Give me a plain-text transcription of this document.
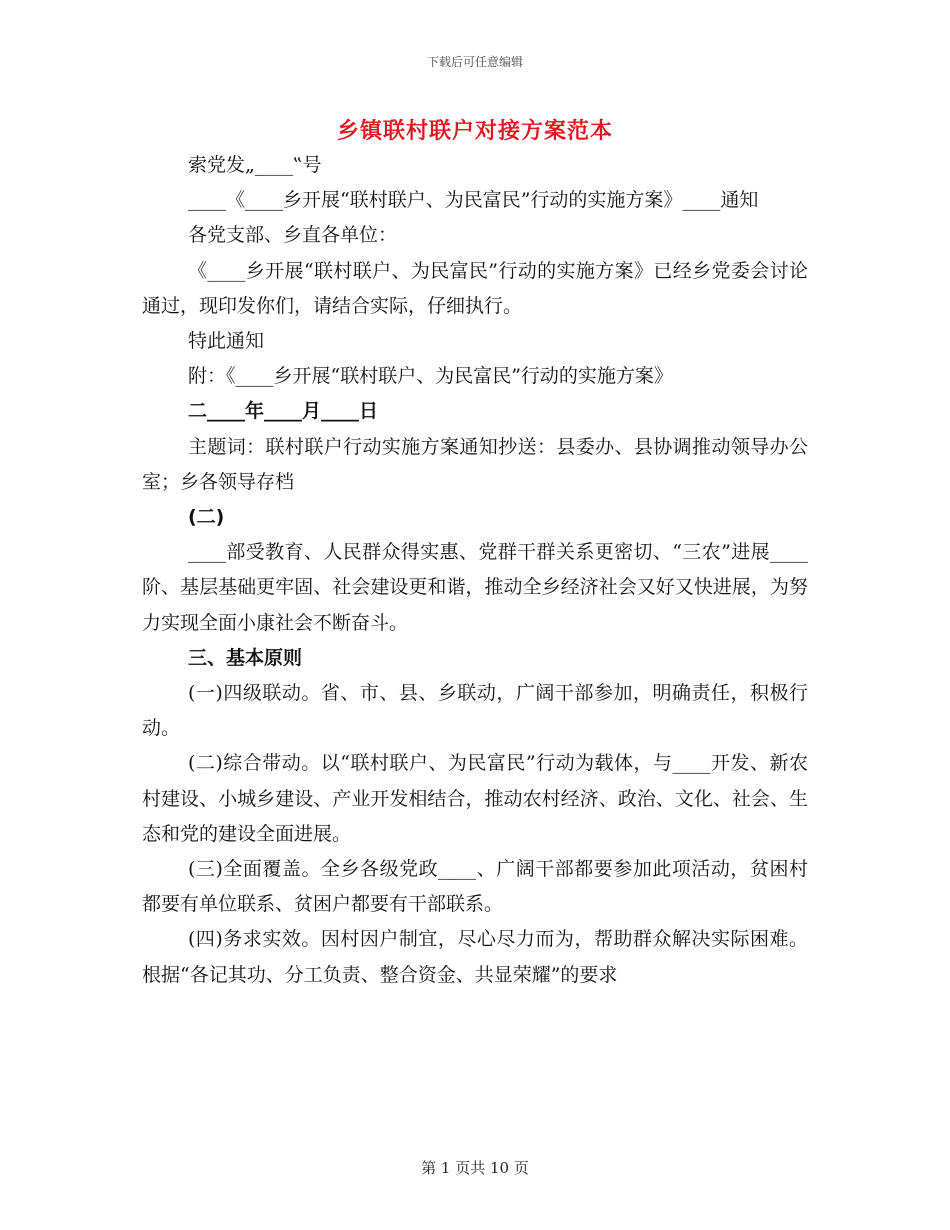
下载后可任意编辑
乡镇联村联户对接方案范本

索党发„____‟号

____《____乡开展“联村联户、为民富民”行动的实施方案》____通知

各党支部、乡直各单位：

《____乡开展“联村联户、为民富民”行动的实施方案》已经乡党委会讨论通过，现印发你们，请结合实际，仔细执行。

特此通知

附：《____乡开展“联村联户、为民富民”行动的实施方案》

二____年____月____日

主题词：联村联户行动实施方案通知抄送：县委办、县协调推动领导办公室；乡各领导存档

(二)

____部受教育、人民群众得实惠、党群干群关系更密切、“三农”进展____阶、基层基础更牢固、社会建设更和谐，推动全乡经济社会又好又快进展，为努力实现全面小康社会不断奋斗。

三、基本原则

(一)四级联动。省、市、县、乡联动，广阔干部参加，明确责任，积极行动。

(二)综合带动。以“联村联户、为民富民”行动为载体，与____开发、新农村建设、小城乡建设、产业开发相结合，推动农村经济、政治、文化、社会、生态和党的建设全面进展。

(三)全面覆盖。全乡各级党政____、广阔干部都要参加此项活动，贫困村都要有单位联系、贫困户都要有干部联系。

(四)务求实效。因村因户制宜，尽心尽力而为，帮助群众解决实际困难。根据“各记其功、分工负责、整合资金、共显荣耀”的要求

第 1 页共 10 页
